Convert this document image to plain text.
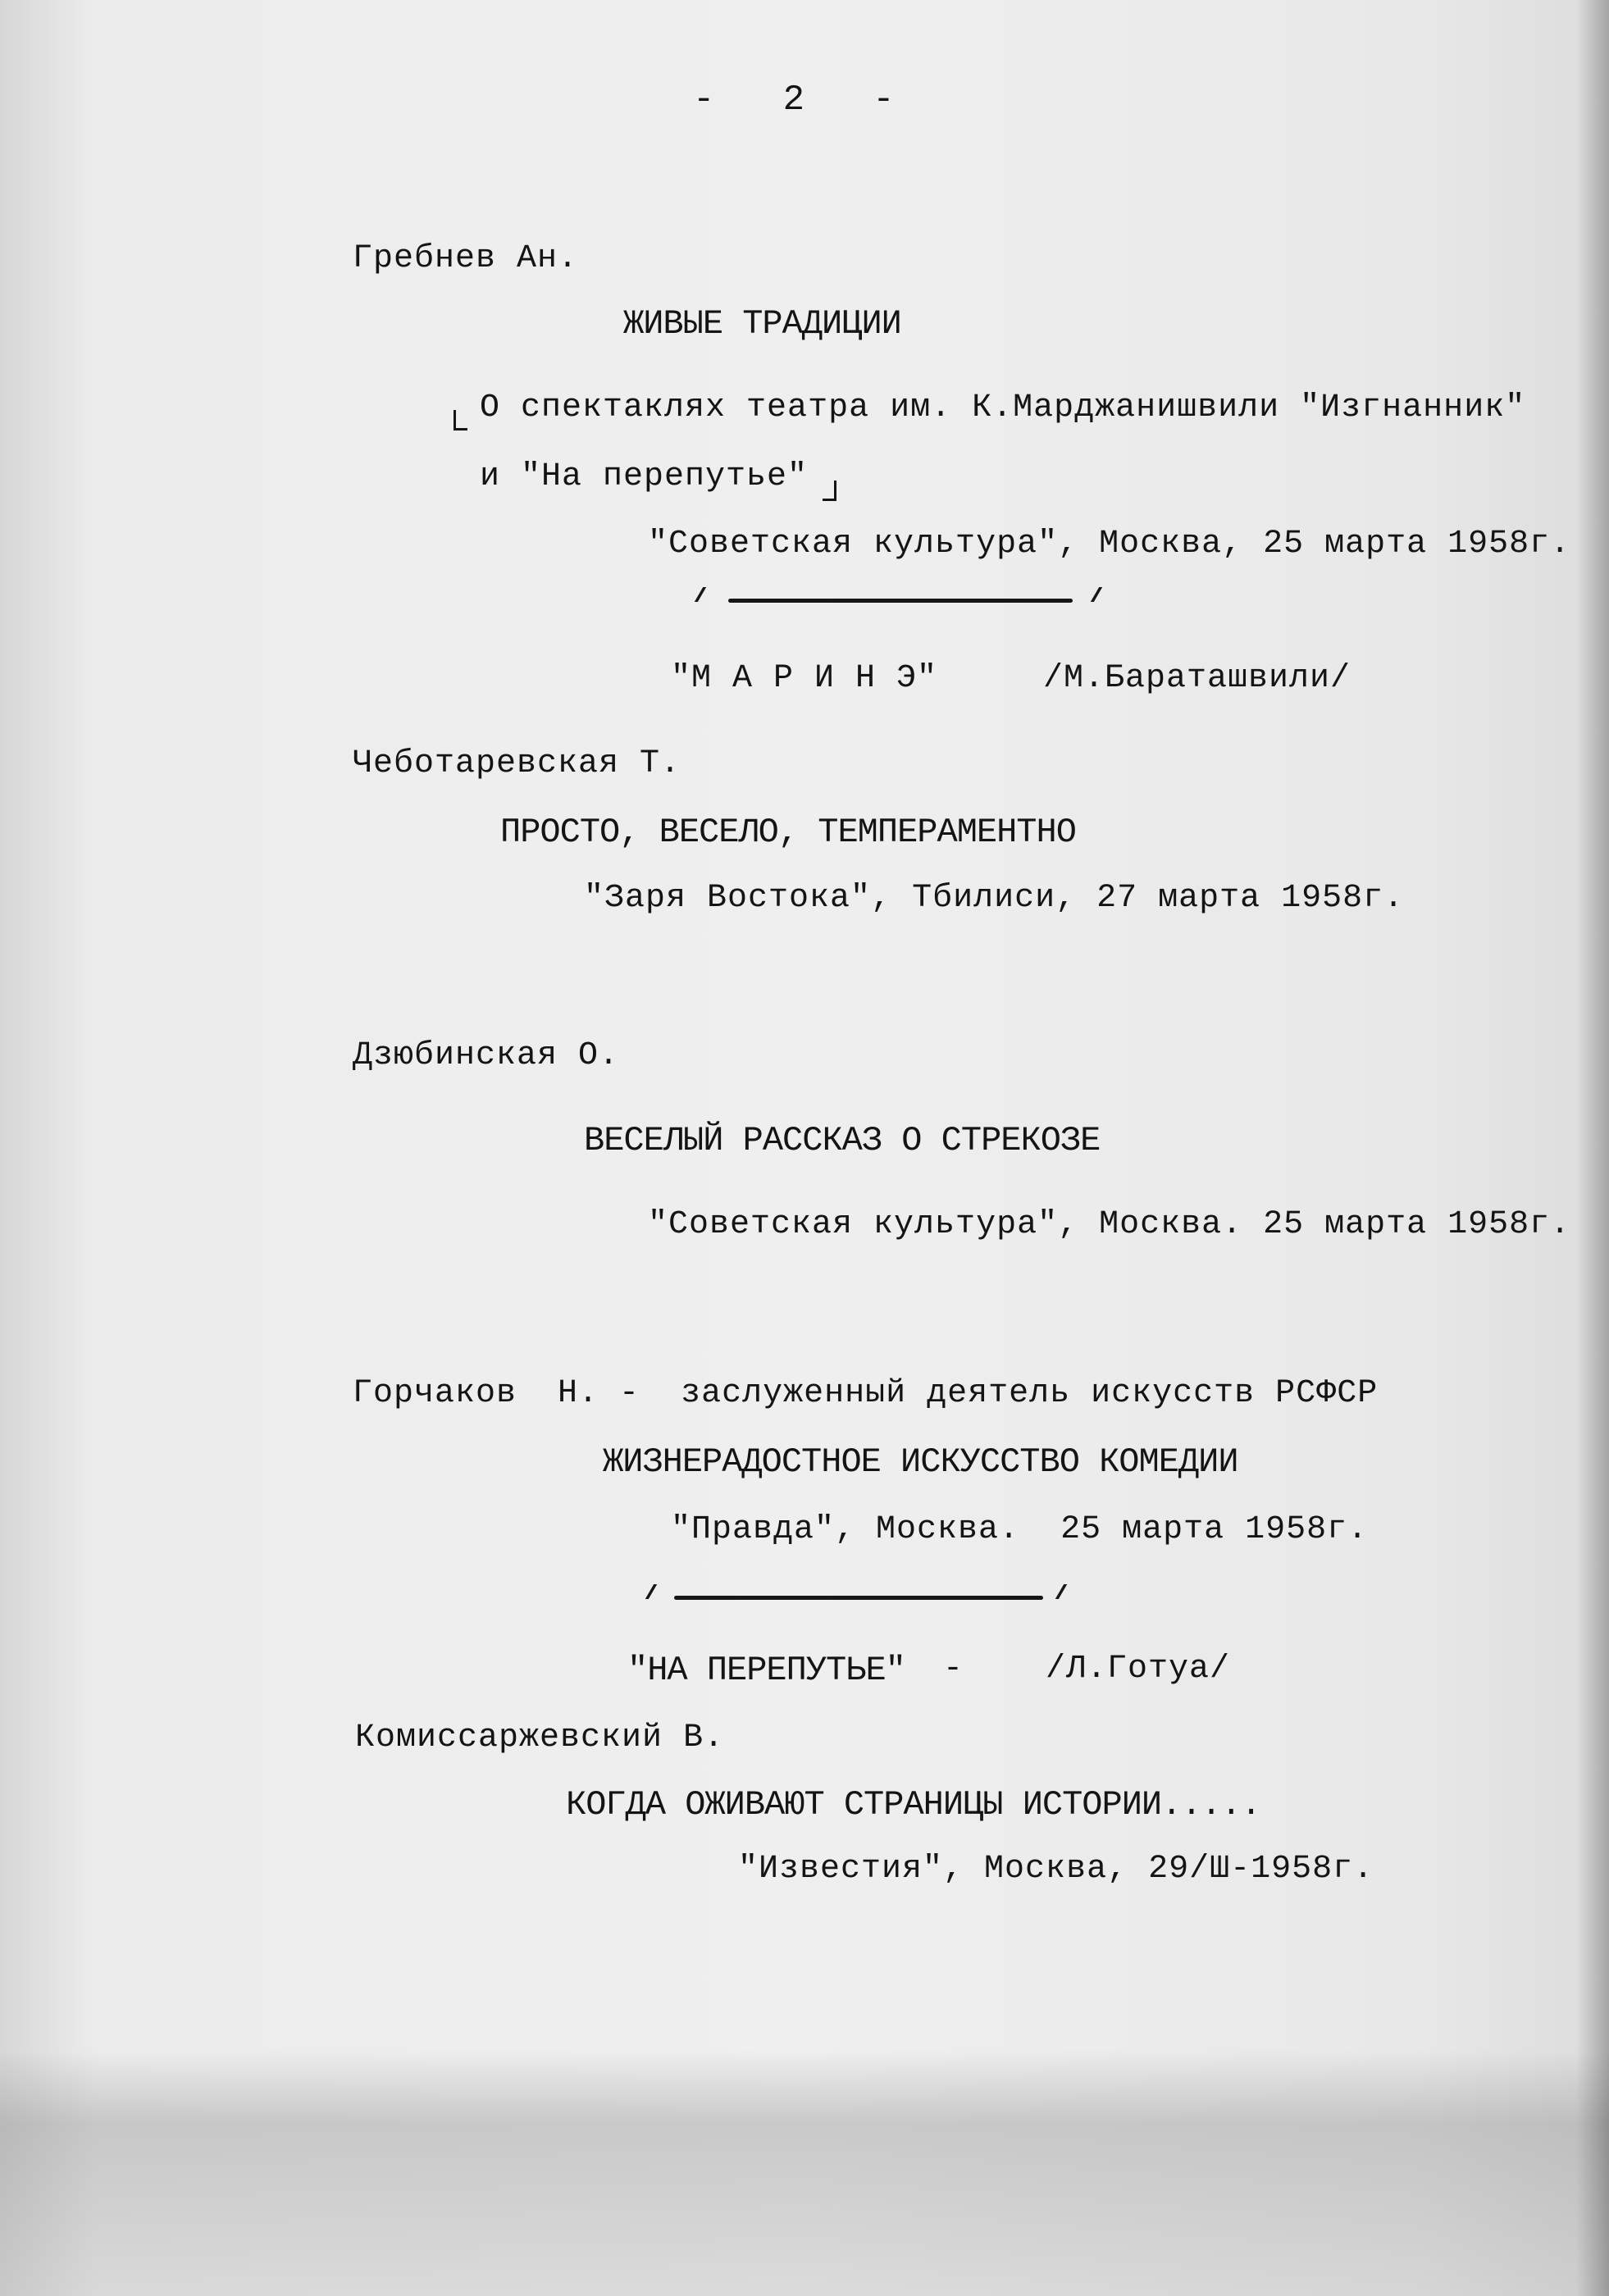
-   2   -
Гребнев Ан.
ЖИВЫЕ ТРАДИЦИИ
О спектаклях театра им. К.Марджанишвили "Изгнанник"
и "На перепутье"
"Советская культура", Москва, 25 марта 1958г.
"М А Р И Н Э"	/М.Бараташвили/
Чеботаревская Т.
ПРОСТО, ВЕСЕЛО, ТЕМПЕРАМЕНТНО
"Заря Востока", Тбилиси, 27 марта 1958г.
Дзюбинская О.
ВЕСЕЛЫЙ РАССКАЗ О СТРЕКОЗЕ
"Советская культура", Москва. 25 марта 1958г.
Горчаков  Н. -  заслуженный деятель искусств РСФСР
ЖИЗНЕРАДОСТНОЕ ИСКУССТВО КОМЕДИИ
"Правда", Москва.  25 марта 1958г.
"НА ПЕРЕПУТЬЕ" - /Л.Готуа/
Комиссаржевский В.
КОГДА ОЖИВАЮТ СТРАНИЦЫ ИСТОРИИ.....
"Известия", Москва, 29/Ш-1958г.
